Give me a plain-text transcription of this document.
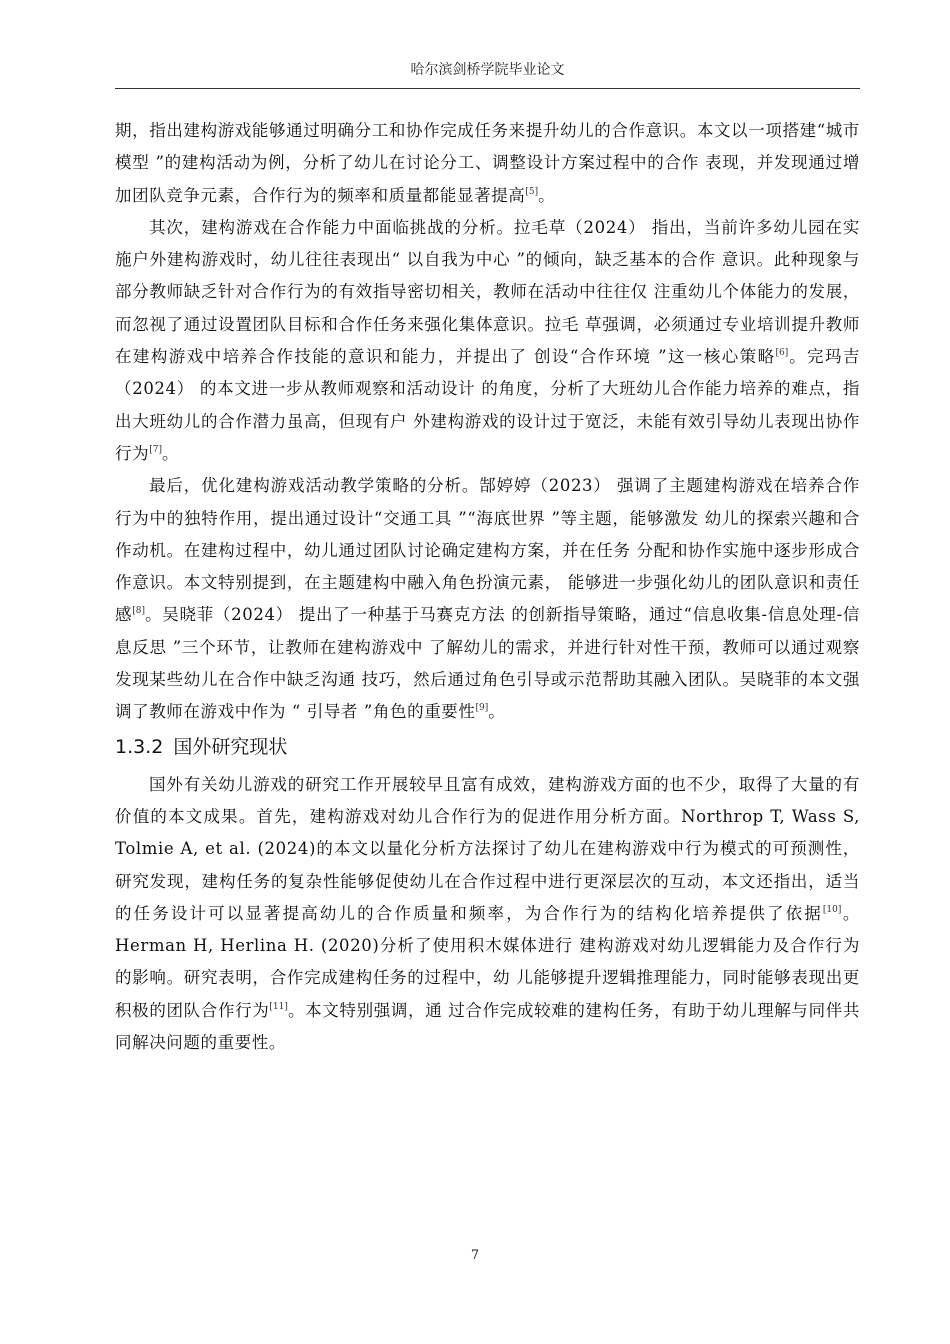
哈尔滨剑桥学院毕业论文

期，指出建构游戏能够通过明确分工和协作完成任务来提升幼儿的合作意识。本文以一项搭建“城市模型 ”的建构活动为例，分析了幼儿在讨论分工、调整设计方案过程中的合作 表现，并发现通过增加团队竞争元素，合作行为的频率和质量都能显著提高[5]。

其次，建构游戏在合作能力中面临挑战的分析。拉毛草（2024） 指出，当前许多幼儿园在实施户外建构游戏时，幼儿往往表现出“ 以自我为中心 ”的倾向，缺乏基本的合作 意识。此种现象与部分教师缺乏针对合作行为的有效指导密切相关，教师在活动中往往仅 注重幼儿个体能力的发展，而忽视了通过设置团队目标和合作任务来强化集体意识。拉毛 草强调，必须通过专业培训提升教师在建构游戏中培养合作技能的意识和能力，并提出了 创设“合作环境 ”这一核心策略[6]。完玛吉（2024） 的本文进一步从教师观察和活动设计 的角度，分析了大班幼儿合作能力培养的难点，指出大班幼儿的合作潜力虽高，但现有户 外建构游戏的设计过于宽泛，未能有效引导幼儿表现出协作行为[7]。

最后，优化建构游戏活动教学策略的分析。郜婷婷（2023） 强调了主题建构游戏在培养合作行为中的独特作用，提出通过设计“交通工具 ”“海底世界 ”等主题，能够激发 幼儿的探索兴趣和合作动机。在建构过程中，幼儿通过团队讨论确定建构方案，并在任务 分配和协作实施中逐步形成合作意识。本文特别提到，在主题建构中融入角色扮演元素， 能够进一步强化幼儿的团队意识和责任感[8]。吴晓菲（2024） 提出了一种基于马赛克方法 的创新指导策略，通过“信息收集-信息处理-信息反思 ”三个环节，让教师在建构游戏中 了解幼儿的需求，并进行针对性干预，教师可以通过观察发现某些幼儿在合作中缺乏沟通 技巧，然后通过角色引导或示范帮助其融入团队。吴晓菲的本文强调了教师在游戏中作为 “ 引导者 ”角色的重要性[9]。

1.3.2 国外研究现状

国外有关幼儿游戏的研究工作开展较早且富有成效，建构游戏方面的也不少，取得了大量的有价值的本文成果。首先，建构游戏对幼儿合作行为的促进作用分析方面。Northrop T, Wass S, Tolmie A, et al. (2024)的本文以量化分析方法探讨了幼儿在建构游戏中行为模式的可预测性，研究发现，建构任务的复杂性能够促使幼儿在合作过程中进行更深层次的互动，本文还指出，适当的任务设计可以显著提高幼儿的合作质量和频率，为合作行为的结构化培养提供了依据[10]。Herman H, Herlina H. (2020)分析了使用积木媒体进行 建构游戏对幼儿逻辑能力及合作行为的影响。研究表明，合作完成建构任务的过程中，幼 儿能够提升逻辑推理能力，同时能够表现出更积极的团队合作行为[11]。本文特别强调，通 过合作完成较难的建构任务，有助于幼儿理解与同伴共同解决问题的重要性。

7
